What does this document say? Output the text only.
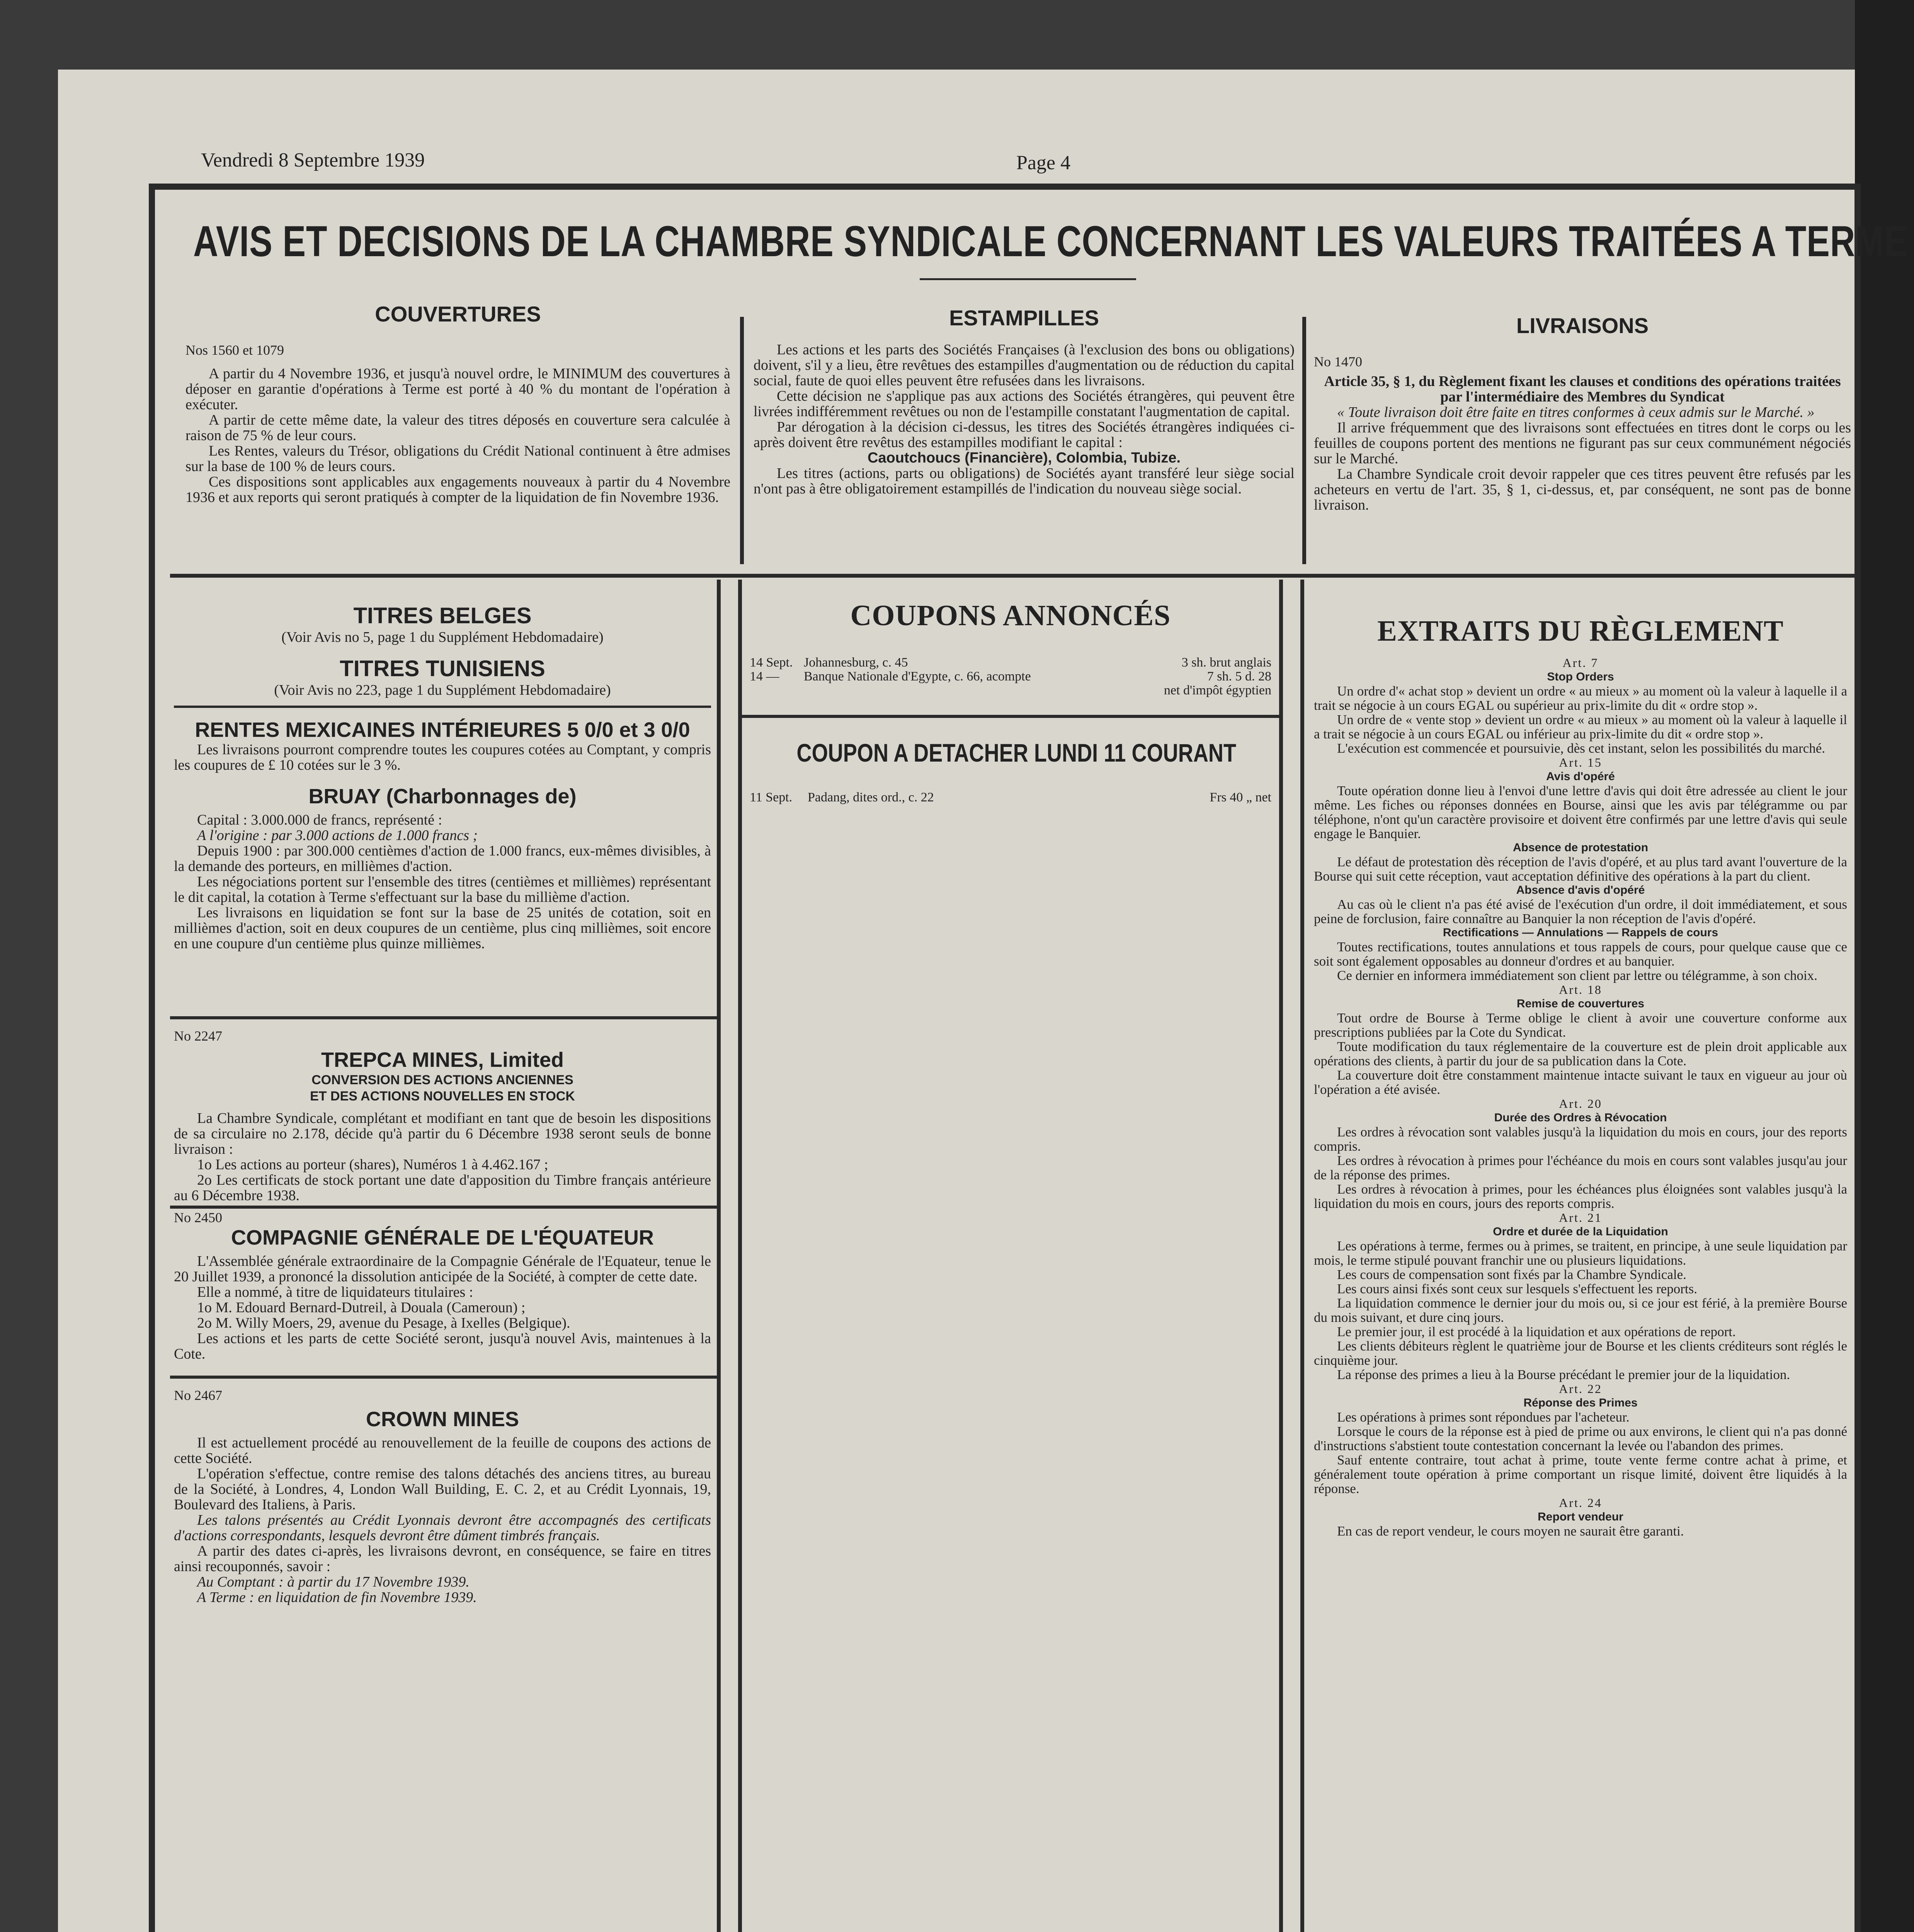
Vendredi 8 Septembre 1939	Page 4
AVIS ET DECISIONS DE LA CHAMBRE SYNDICALE CONCERNANT LES VALEURS TRAITÉES A TERME
COUVERTURES
Nos 1560 et 1079
A partir du 4 Novembre 1936, et jusqu'à nouvel ordre, le MINIMUM des couvertures à déposer en garantie d'opérations à Terme est porté à 40 % du montant de l'opération à exécuter.
A partir de cette même date, la valeur des titres déposés en couverture sera calculée à raison de 75 % de leur cours.
Les Rentes, valeurs du Trésor, obligations du Crédit National continuent à être admises sur la base de 100 % de leurs cours.
Ces dispositions sont applicables aux engagements nouveaux à partir du 4 Novembre 1936 et aux reports qui seront pratiqués à compter de la liquidation de fin Novembre 1936.
ESTAMPILLES
Les actions et les parts des Sociétés Françaises (à l'exclusion des bons ou obligations) doivent, s'il y a lieu, être revêtues des estampilles d'augmentation ou de réduction du capital social, faute de quoi elles peuvent être refusées dans les livraisons.
Cette décision ne s'applique pas aux actions des Sociétés étrangères, qui peuvent être livrées indifféremment revêtues ou non de l'estampille constatant l'augmentation de capital.
Par dérogation à la décision ci-dessus, les titres des Sociétés étrangères indiquées ci-après doivent être revêtus des estampilles modifiant le capital :
Caoutchoucs (Financière), Colombia, Tubize.
Les titres (actions, parts ou obligations) de Sociétés ayant transféré leur siège social n'ont pas à être obligatoirement estampillés de l'indication du nouveau siège social.
LIVRAISONS
No 1470
Article 35, § 1, du Règlement fixant les clauses et conditions des opérations traitées par l'intermédiaire des Membres du Syndicat
« Toute livraison doit être faite en titres conformes à ceux admis sur le Marché. »
Il arrive fréquemment que des livraisons sont effectuées en titres dont le corps ou les feuilles de coupons portent des mentions ne figurant pas sur ceux communément négociés sur le Marché.
La Chambre Syndicale croit devoir rappeler que ces titres peuvent être refusés par les acheteurs en vertu de l'art. 35, § 1, ci-dessus, et, par conséquent, ne sont pas de bonne livraison.
TITRES BELGES
(Voir Avis no 5, page 1 du Supplément Hebdomadaire)
TITRES TUNISIENS
(Voir Avis no 223, page 1 du Supplément Hebdomadaire)
RENTES MEXICAINES INTÉRIEURES 5 0/0 et 3 0/0
Les livraisons pourront comprendre toutes les coupures cotées au Comptant, y compris les coupures de £ 10 cotées sur le 3 %.
BRUAY (Charbonnages de)
Capital : 3.000.000 de francs, représenté :
A l'origine : par 3.000 actions de 1.000 francs ;
Depuis 1900 : par 300.000 centièmes d'action de 1.000 francs, eux-mêmes divisibles, à la demande des porteurs, en millièmes d'action.
Les négociations portent sur l'ensemble des titres (centièmes et millièmes) représentant le dit capital, la cotation à Terme s'effectuant sur la base du millième d'action.
Les livraisons en liquidation se font sur la base de 25 unités de cotation, soit en millièmes d'action, soit en deux coupures de un centième, plus cinq millièmes, soit encore en une coupure d'un centième plus quinze millièmes.
No 2247
TREPCA MINES, Limited
CONVERSION DES ACTIONS ANCIENNES
ET DES ACTIONS NOUVELLES EN STOCK
La Chambre Syndicale, complétant et modifiant en tant que de besoin les dispositions de sa circulaire no 2.178, décide qu'à partir du 6 Décembre 1938 seront seuls de bonne livraison :
1o Les actions au porteur (shares), Numéros 1 à 4.462.167 ;
2o Les certificats de stock portant une date d'apposition du Timbre français antérieure au 6 Décembre 1938.
No 2450
COMPAGNIE GÉNÉRALE DE L'ÉQUATEUR
L'Assemblée générale extraordinaire de la Compagnie Générale de l'Equateur, tenue le 20 Juillet 1939, a prononcé la dissolution anticipée de la Société, à compter de cette date.
Elle a nommé, à titre de liquidateurs titulaires :
1o M. Edouard Bernard-Dutreil, à Douala (Cameroun) ;
2o M. Willy Moers, 29, avenue du Pesage, à Ixelles (Belgique).
Les actions et les parts de cette Société seront, jusqu'à nouvel Avis, maintenues à la Cote.
No 2467
CROWN MINES
Il est actuellement procédé au renouvellement de la feuille de coupons des actions de cette Société.
L'opération s'effectue, contre remise des talons détachés des anciens titres, au bureau de la Société, à Londres, 4, London Wall Building, E. C. 2, et au Crédit Lyonnais, 19, Boulevard des Italiens, à Paris.
Les talons présentés au Crédit Lyonnais devront être accompagnés des certificats d'actions correspondants, lesquels devront être dûment timbrés français.
A partir des dates ci-après, les livraisons devront, en conséquence, se faire en titres ainsi recouponnés, savoir :
Au Comptant : à partir du 17 Novembre 1939.
A Terme : en liquidation de fin Novembre 1939.
COUPONS ANNONCÉS
14 Sept. Johannesburg, c. 45	3 sh. brut anglais
14 —	Banque Nationale d'Egypte, c. 66, acompte	7 sh. 5 d. 28
net d'impôt égyptien
COUPON A DETACHER LUNDI 11 COURANT
11 Sept.	Padang, dites ord., c. 22	Frs 40 „ net
EXTRAITS DU RÈGLEMENT
Art. 7
Stop Orders
Un ordre d'« achat stop » devient un ordre « au mieux » au moment où la valeur à laquelle il a trait se négocie à un cours EGAL ou supérieur au prix-limite du dit « ordre stop ».
Un ordre de « vente stop » devient un ordre « au mieux » au moment où la valeur à laquelle il a trait se négocie à un cours EGAL ou inférieur au prix-limite du dit « ordre stop ».
L'exécution est commencée et poursuivie, dès cet instant, selon les possibilités du marché.
Art. 15
Avis d'opéré
Toute opération donne lieu à l'envoi d'une lettre d'avis qui doit être adressée au client le jour même. Les fiches ou réponses données en Bourse, ainsi que les avis par télégramme ou par téléphone, n'ont qu'un caractère provisoire et doivent être confirmés par une lettre d'avis qui seule engage le Banquier.
Absence de protestation
Le défaut de protestation dès réception de l'avis d'opéré, et au plus tard avant l'ouverture de la Bourse qui suit cette réception, vaut acceptation définitive des opérations à la part du client.
Absence d'avis d'opéré
Au cas où le client n'a pas été avisé de l'exécution d'un ordre, il doit immédiatement, et sous peine de forclusion, faire connaître au Banquier la non réception de l'avis d'opéré.
Rectifications — Annulations — Rappels de cours
Toutes rectifications, toutes annulations et tous rappels de cours, pour quelque cause que ce soit sont également opposables au donneur d'ordres et au banquier.
Ce dernier en informera immédiatement son client par lettre ou télégramme, à son choix.
Art. 18
Remise de couvertures
Tout ordre de Bourse à Terme oblige le client à avoir une couverture conforme aux prescriptions publiées par la Cote du Syndicat.
Toute modification du taux réglementaire de la couverture est de plein droit applicable aux opérations des clients, à partir du jour de sa publication dans la Cote.
La couverture doit être constamment maintenue intacte suivant le taux en vigueur au jour où l'opération a été avisée.
Art. 20
Durée des Ordres à Révocation
Les ordres à révocation sont valables jusqu'à la liquidation du mois en cours, jour des reports compris.
Les ordres à révocation à primes pour l'échéance du mois en cours sont valables jusqu'au jour de la réponse des primes.
Les ordres à révocation à primes, pour les échéances plus éloignées sont valables jusqu'à la liquidation du mois en cours, jours des reports compris.
Art. 21
Ordre et durée de la Liquidation
Les opérations à terme, fermes ou à primes, se traitent, en principe, à une seule liquidation par mois, le terme stipulé pouvant franchir une ou plusieurs liquidations.
Les cours de compensation sont fixés par la Chambre Syndicale.
Les cours ainsi fixés sont ceux sur lesquels s'effectuent les reports.
La liquidation commence le dernier jour du mois ou, si ce jour est férié, à la première Bourse du mois suivant, et dure cinq jours.
Le premier jour, il est procédé à la liquidation et aux opérations de report.
Les clients débiteurs règlent le quatrième jour de Bourse et les clients créditeurs sont réglés le cinquième jour.
La réponse des primes a lieu à la Bourse précédant le premier jour de la liquidation.
Art. 22
Réponse des Primes
Les opérations à primes sont répondues par l'acheteur.
Lorsque le cours de la réponse est à pied de prime ou aux environs, le client qui n'a pas donné d'instructions s'abstient toute contestation concernant la levée ou l'abandon des primes.
Sauf entente contraire, tout achat à prime, toute vente ferme contre achat à prime, et généralement toute opération à prime comportant un risque limité, doivent être liquidés à la réponse.
Art. 24
Report vendeur
En cas de report vendeur, le cours moyen ne saurait être garanti.
